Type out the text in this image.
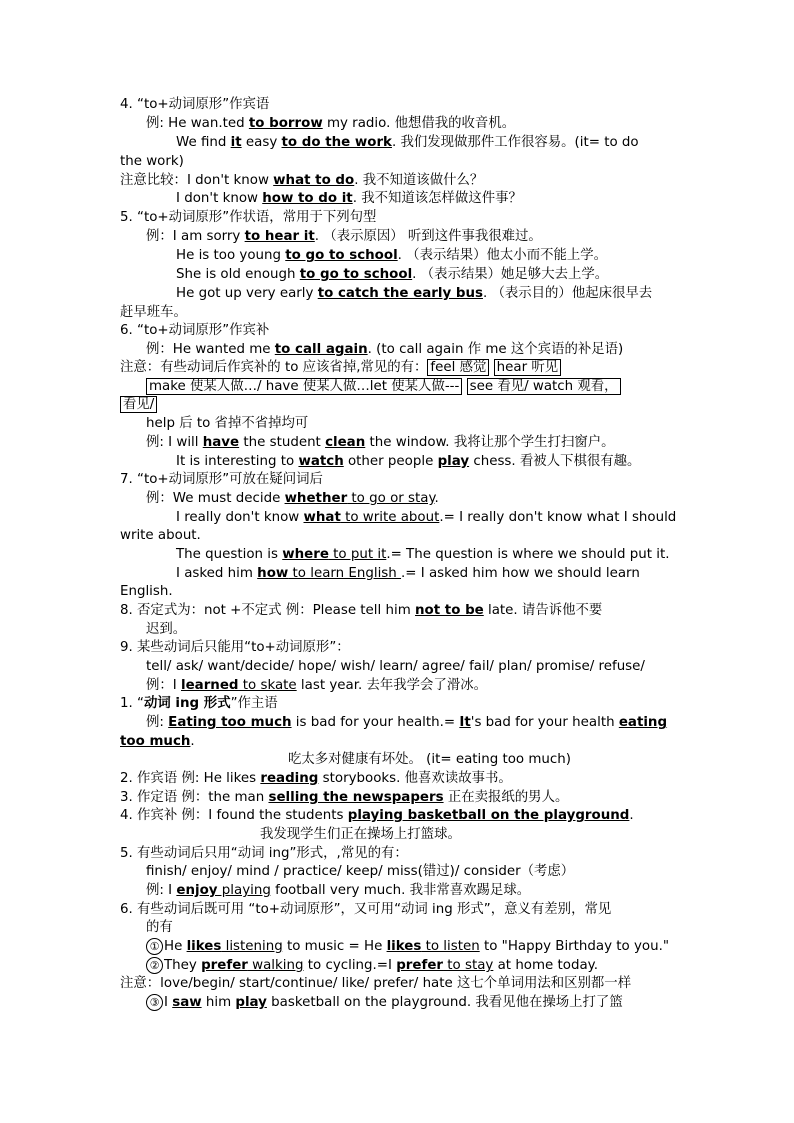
4. “to+动词原形”作宾语
例: He wan.ted to borrow my radio. 他想借我的收音机。
We find it easy to do the work. 我们发现做那件工作很容易。(it= to do
the work)
注意比较：I don't know what to do. 我不知道该做什么？
I don't know how to do it. 我不知道该怎样做这件事？
5. “to+动词原形”作状语，常用于下列句型
例：I am sorry to hear it. （表示原因） 听到这件事我很难过。
He is too young to go to school. （表示结果）他太小而不能上学。
She is old enough to go to school. （表示结果）她足够大去上学。
He got up very early to catch the early bus. （表示目的）他起床很早去
赶早班车。
6. “to+动词原形”作宾补
例：He wanted me to call again. (to call again 作 me 这个宾语的补足语)
注意：有些动词后作宾补的 to 应该省掉,常见的有： feel 感觉 hear 听见
make 使某人做…/ have 使某人做…let 使某人做--- see 看见/ watch 观看，
看见/
help 后 to 省掉不省掉均可
例: I will have the student clean the window. 我将让那个学生打扫窗户。
It is interesting to watch other people play chess. 看被人下棋很有趣。
7. “to+动词原形”可放在疑问词后
例：We must decide whether to go or stay.
I really don't know what to write about.= I really don't know what I should
write about.
The question is where to put it.= The question is where we should put it.
I asked him how to learn English .= I asked him how we should learn
English.
8. 否定式为：not +不定式 例：Please tell him not to be late. 请告诉他不要
迟到。
9. 某些动词后只能用“to+动词原形”：
tell/ ask/ want/decide/ hope/ wish/ learn/ agree/ fail/ plan/ promise/ refuse/
例：I learned to skate last year. 去年我学会了滑冰。
1. “动词 ing 形式”作主语
例: Eating too much is bad for your health.= It's bad for your health eating
too much.
吃太多对健康有坏处。 (it= eating too much)
2. 作宾语 例: He likes reading storybooks. 他喜欢读故事书。
3. 作定语 例：the man selling the newspapers 正在卖报纸的男人。
4. 作宾补 例：I found the students playing basketball on the playground.
我发现学生们正在操场上打篮球。
5. 有些动词后只用“动词 ing”形式，,常见的有：
finish/ enjoy/ mind / practice/ keep/ miss(错过)/ consider（考虑）
例: I enjoy playing football very much. 我非常喜欢踢足球。
6. 有些动词后既可用 “to+动词原形”，又可用“动词 ing 形式”，意义有差别，常见
的有
① He likes listening to music = He likes to listen to "Happy Birthday to you."
② They prefer walking to cycling.=I prefer to stay at home today.
注意：love/begin/ start/continue/ like/ prefer/ hate 这七个单词用法和区别都一样
③ I saw him play basketball on the playground. 我看见他在操场上打了篮
